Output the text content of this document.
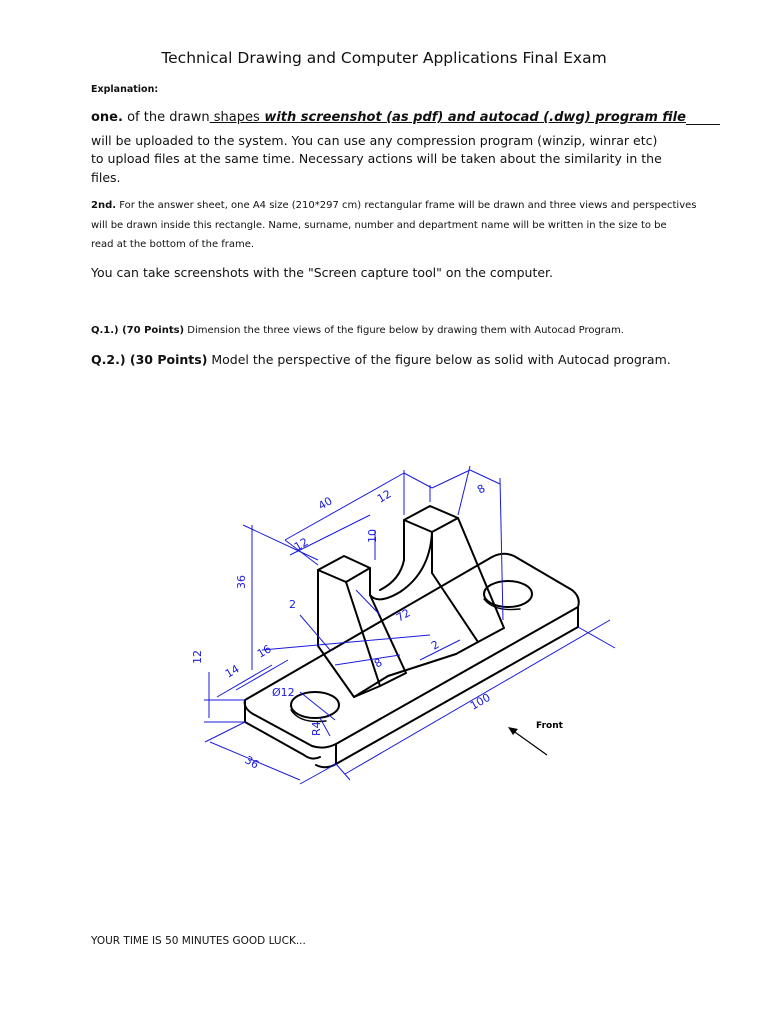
Technical Drawing and Computer Applications Final Exam
Explanation:
one. of the drawn shapes with screenshot (as pdf) and autocad (.dwg) program file
will be uploaded to the system. You can use any compression program (winzip, winrar etc)
to upload files at the same time. Necessary actions will be taken about the similarity in the
files.
2nd. For the answer sheet, one A4 size (210*297 cm) rectangular frame will be drawn and three views and perspectives
will be drawn inside this rectangle. Name, surname, number and department name will be written in the size to be
read at the bottom of the frame.
You can take screenshots with the "Screen capture tool" on the computer.
Q.1.) (70 Points) Dimension the three views of the figure below by drawing them with Autocad Program.
Q.2.) (30 Points) Model the perspective of the figure below as solid with Autocad program.
40	12	8
12	10
36
2
72
16
8
2
12
14
Ø12
R4
100
36
Front
YOUR TIME IS 50 MINUTES GOOD LUCK...
